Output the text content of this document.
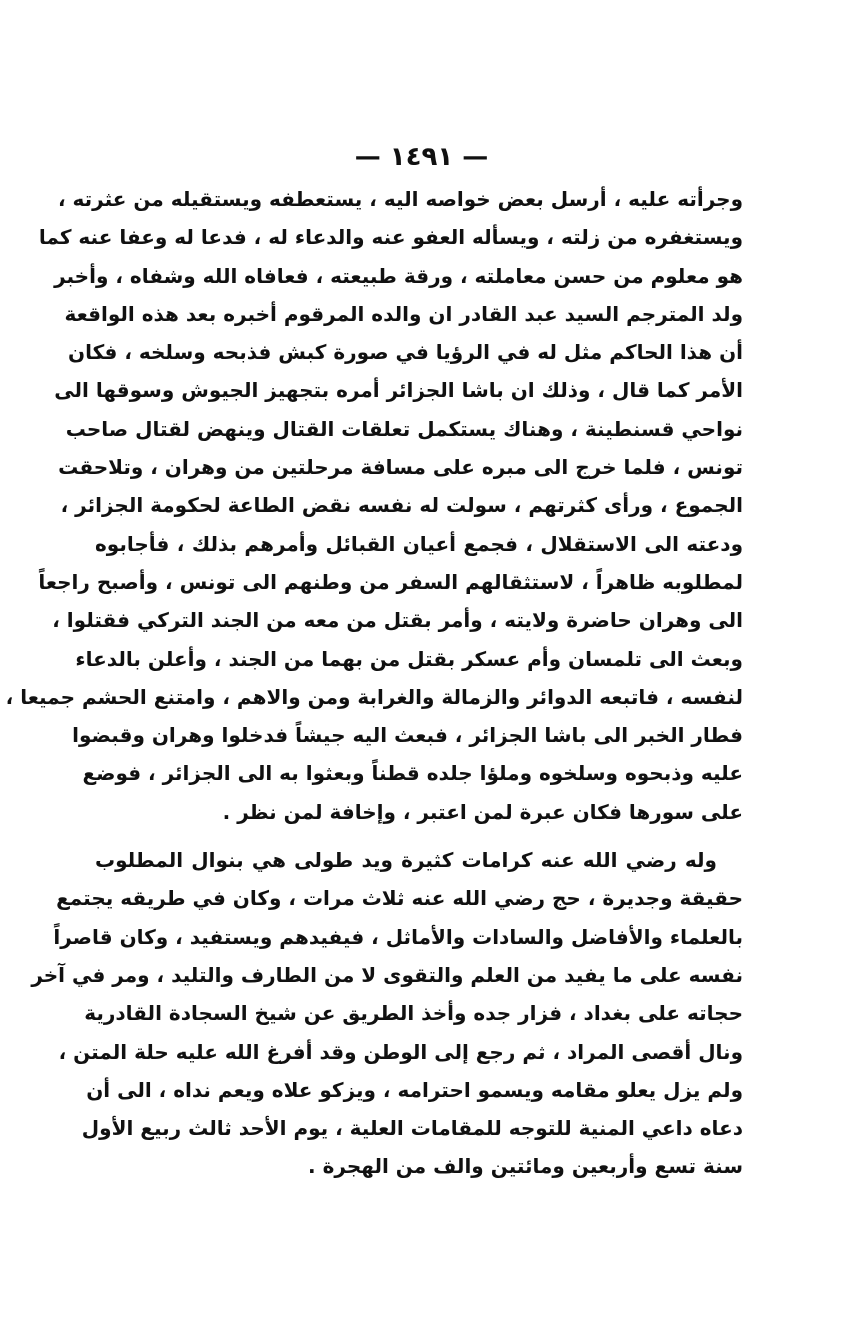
— ١٤٩١ —
وجرأته عليه ، أرسل بعض خواصه اليه ، يستعطفه ويستقيله من عثرته ،
ويستغفره من زلته ، ويسأله العفو عنه والدعاء له ، فدعا له وعفا عنه كما
هو معلوم من حسن معاملته ، ورقة طبيعته ، فعافاه الله وشفاه ، وأخبر
ولد المترجم السيد عبد القادر ان والده المرقوم أخبره بعد هذه الواقعة
أن هذا الحاكم مثل له في الرؤيا في صورة كبش فذبحه وسلخه ، فكان
الأمر كما قال ، وذلك ان باشا الجزائر أمره بتجهيز الجيوش وسوقها الى
نواحي قسنطينة ، وهناك يستكمل تعلقات القتال وينهض لقتال صاحب
تونس ، فلما خرج الى مبره على مسافة مرحلتين من وهران ، وتلاحقت
الجموع ، ورأى كثرتهم ، سولت له نفسه نقض الطاعة لحكومة الجزائر ،
ودعته الى الاستقلال ، فجمع أعيان القبائل وأمرهم بذلك ، فأجابوه
لمطلوبه ظاهراً ، لاستثقالهم السفر من وطنهم الى تونس ، وأصبح راجعاً
الى وهران حاضرة ولايته ، وأمر بقتل من معه من الجند التركي فقتلوا ،
وبعث الى تلمسان وأم عسكر بقتل من بهما من الجند ، وأعلن بالدعاء
لنفسه ، فاتبعه الدوائر والزمالة والغرابة ومن والاهم ، وامتنع الحشم جميعا ،
فطار الخبر الى باشا الجزائر ، فبعث اليه جيشاً فدخلوا وهران وقبضوا
عليه وذبحوه وسلخوه وملؤا جلده قطناً وبعثوا به الى الجزائر ، فوضع
على سورها فكان عبرة لمن اعتبر ، وإخافة لمن نظر .
وله رضي الله عنه كرامات كثيرة ويد طولى هي بنوال المطلوب
حقيقة وجديرة ، حج رضي الله عنه ثلاث مرات ، وكان في طريقه يجتمع
بالعلماء والأفاضل والسادات والأماثل ، فيفيدهم ويستفيد ، وكان قاصراً
نفسه على ما يفيد من العلم والتقوى لا من الطارف والتليد ، ومر في آخر
حجاته على بغداد ، فزار جده وأخذ الطريق عن شيخ السجادة القادرية
ونال أقصى المراد ، ثم رجع إلى الوطن وقد أفرغ الله عليه حلة المتن ،
ولم يزل يعلو مقامه ويسمو احترامه ، ويزكو علاه ويعم نداه ، الى أن
دعاه داعي المنية للتوجه للمقامات العلية ، يوم الأحد ثالث ربيع الأول
سنة تسع وأربعين ومائتين والف من الهجرة .
